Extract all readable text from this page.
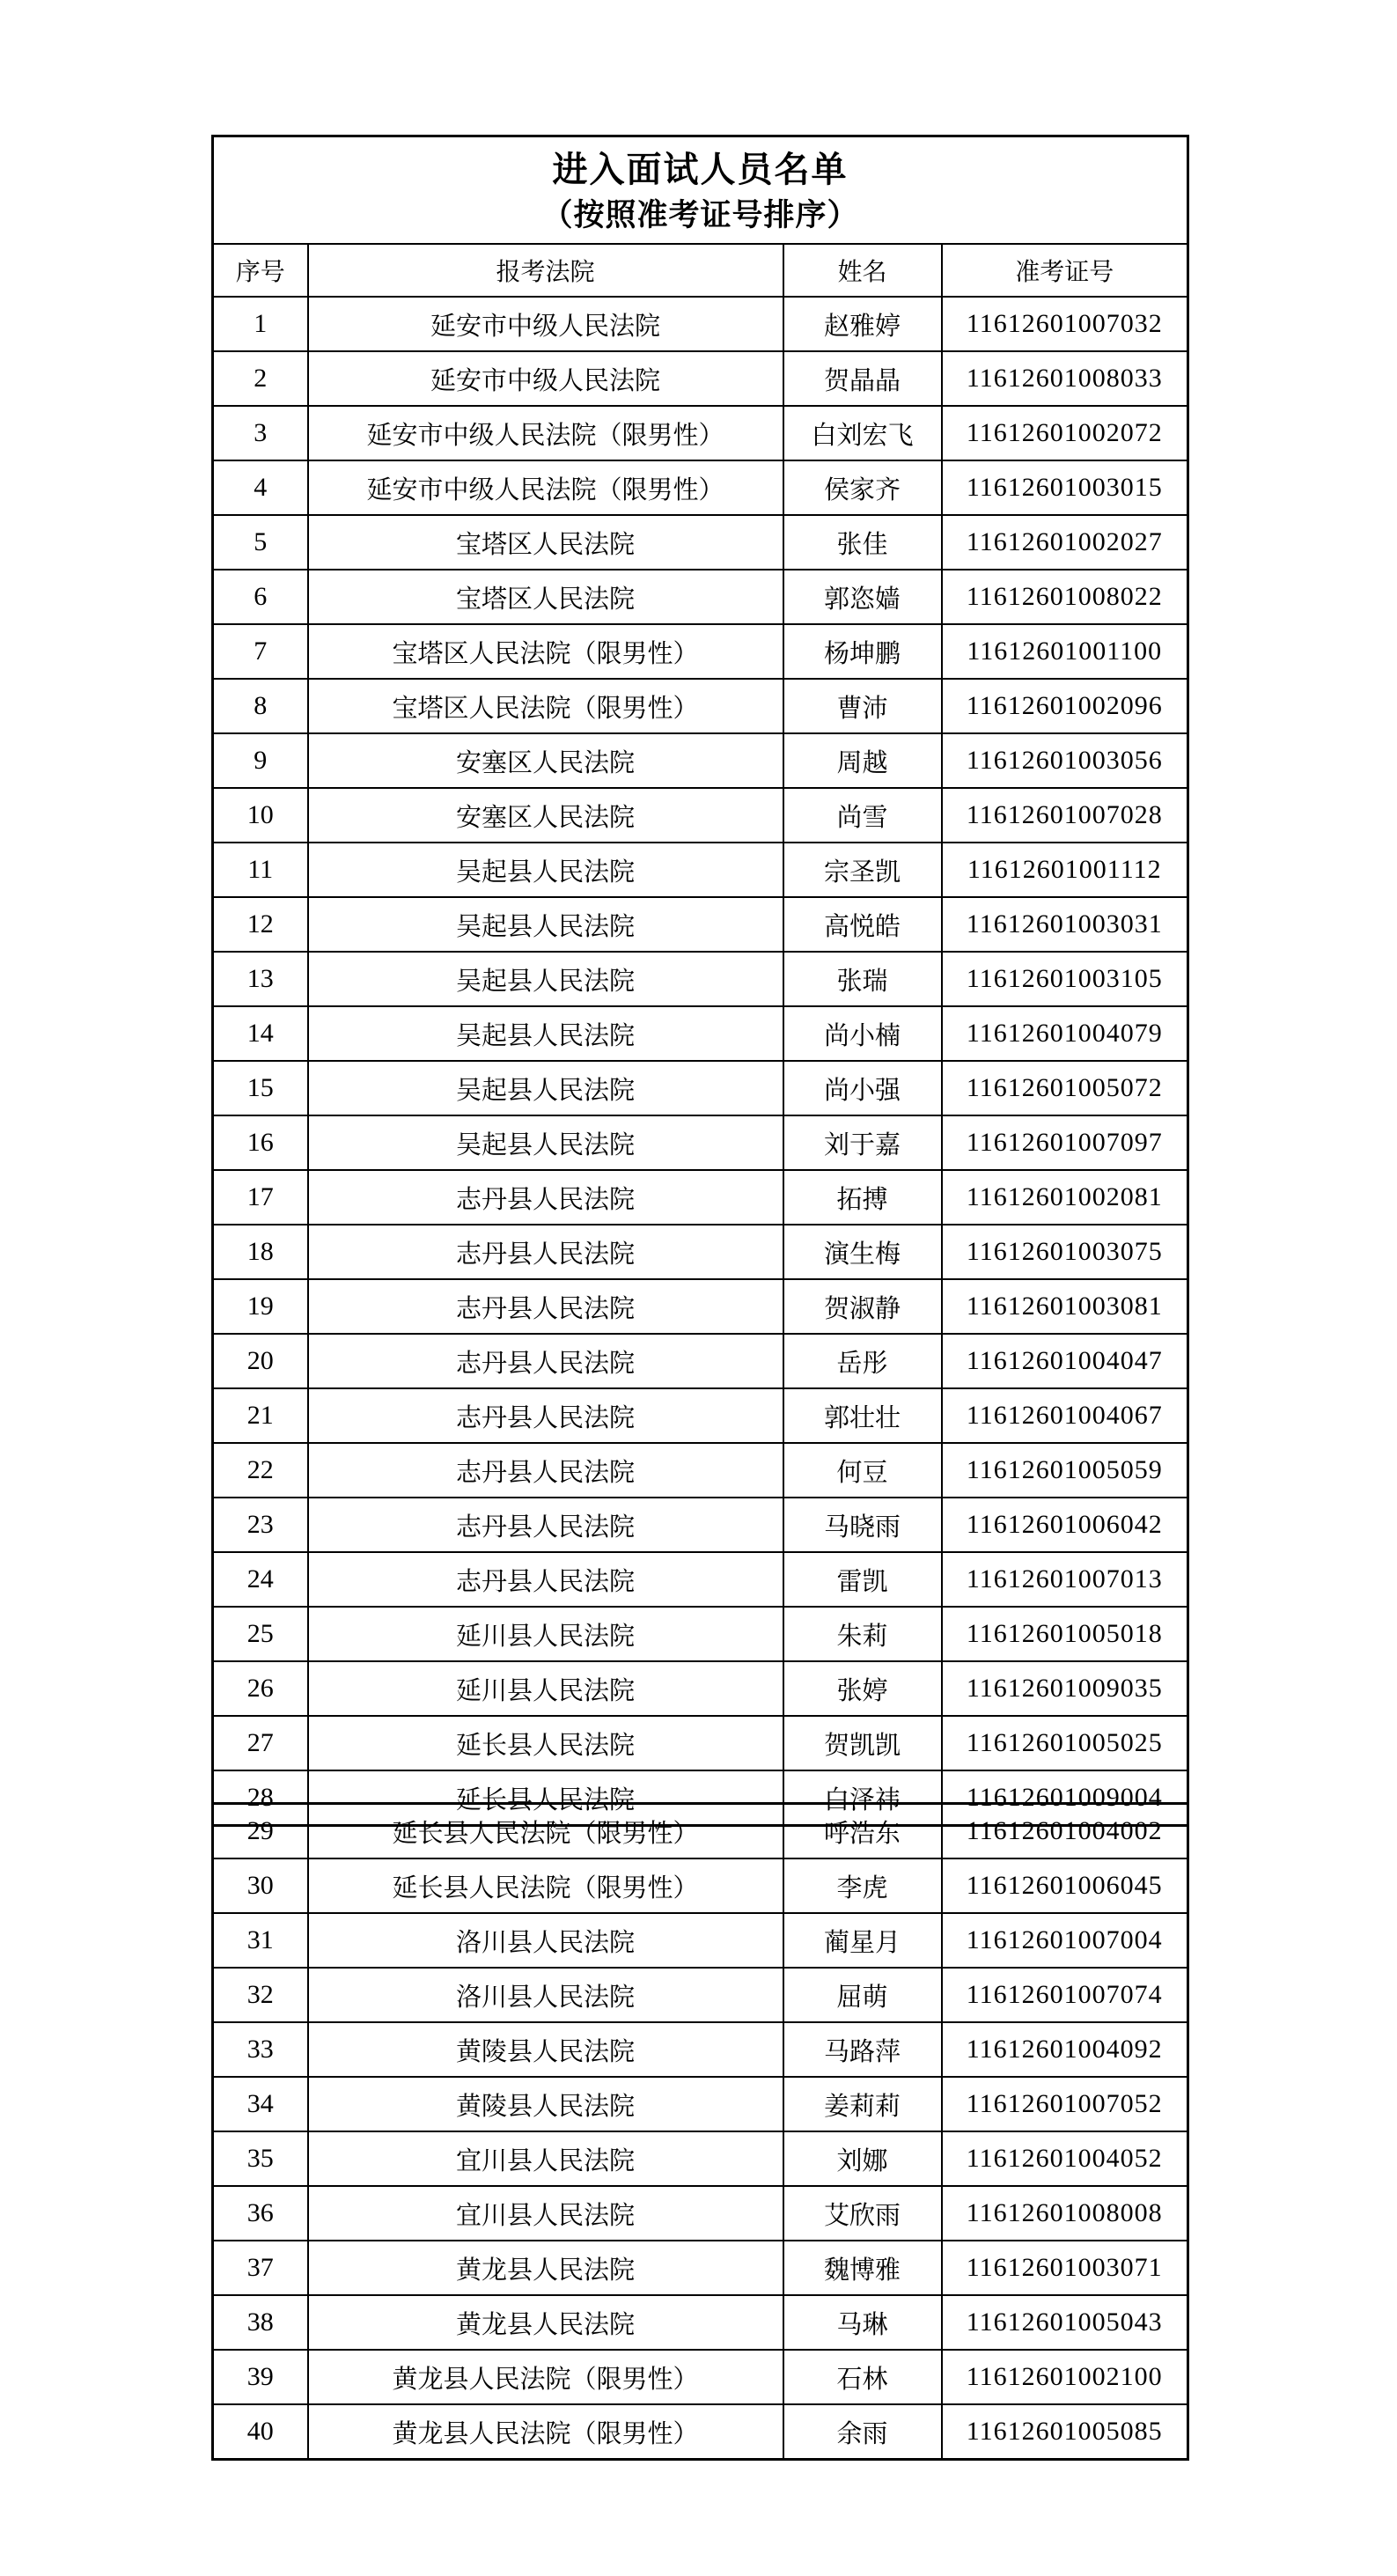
进入面试人员名单
（按照准考证号排序）			

序号	报考法院	姓名	准考证号
1	延安市中级人民法院	赵雅婷	11612601007032
2	延安市中级人民法院	贺晶晶	11612601008033
3	延安市中级人民法院（限男性）	白刘宏飞	11612601002072
4	延安市中级人民法院（限男性）	侯家齐	11612601003015
5	宝塔区人民法院	张佳	11612601002027
6	宝塔区人民法院	郭恣嫱	11612601008022
7	宝塔区人民法院（限男性）	杨坤鹏	11612601001100
8	宝塔区人民法院（限男性）	曹沛	11612601002096
9	安塞区人民法院	周越	11612601003056
10	安塞区人民法院	尚雪	11612601007028
11	吴起县人民法院	宗圣凯	11612601001112
12	吴起县人民法院	高悦皓	11612601003031
13	吴起县人民法院	张瑞	11612601003105
14	吴起县人民法院	尚小楠	11612601004079
15	吴起县人民法院	尚小强	11612601005072
16	吴起县人民法院	刘于嘉	11612601007097
17	志丹县人民法院	拓搏	11612601002081
18	志丹县人民法院	演生梅	11612601003075
19	志丹县人民法院	贺淑静	11612601003081
20	志丹县人民法院	岳彤	11612601004047
21	志丹县人民法院	郭壮壮	11612601004067
22	志丹县人民法院	何豆	11612601005059
23	志丹县人民法院	马晓雨	11612601006042
24	志丹县人民法院	雷凯	11612601007013
25	延川县人民法院	朱莉	11612601005018
26	延川县人民法院	张婷	11612601009035
27	延长县人民法院	贺凯凯	11612601005025
28	延长县人民法院	白泽祎	11612601009004
29	延长县人民法院（限男性）	呼浩东	11612601004002
30	延长县人民法院（限男性）	李虎	11612601006045
31	洛川县人民法院	蔺星月	11612601007004
32	洛川县人民法院	屈萌	11612601007074
33	黄陵县人民法院	马路萍	11612601004092
34	黄陵县人民法院	姜莉莉	11612601007052
35	宜川县人民法院	刘娜	11612601004052
36	宜川县人民法院	艾欣雨	11612601008008
37	黄龙县人民法院	魏博雅	11612601003071
38	黄龙县人民法院	马琳	11612601005043
39	黄龙县人民法院（限男性）	石林	11612601002100
40	黄龙县人民法院（限男性）	余雨	11612601005085
